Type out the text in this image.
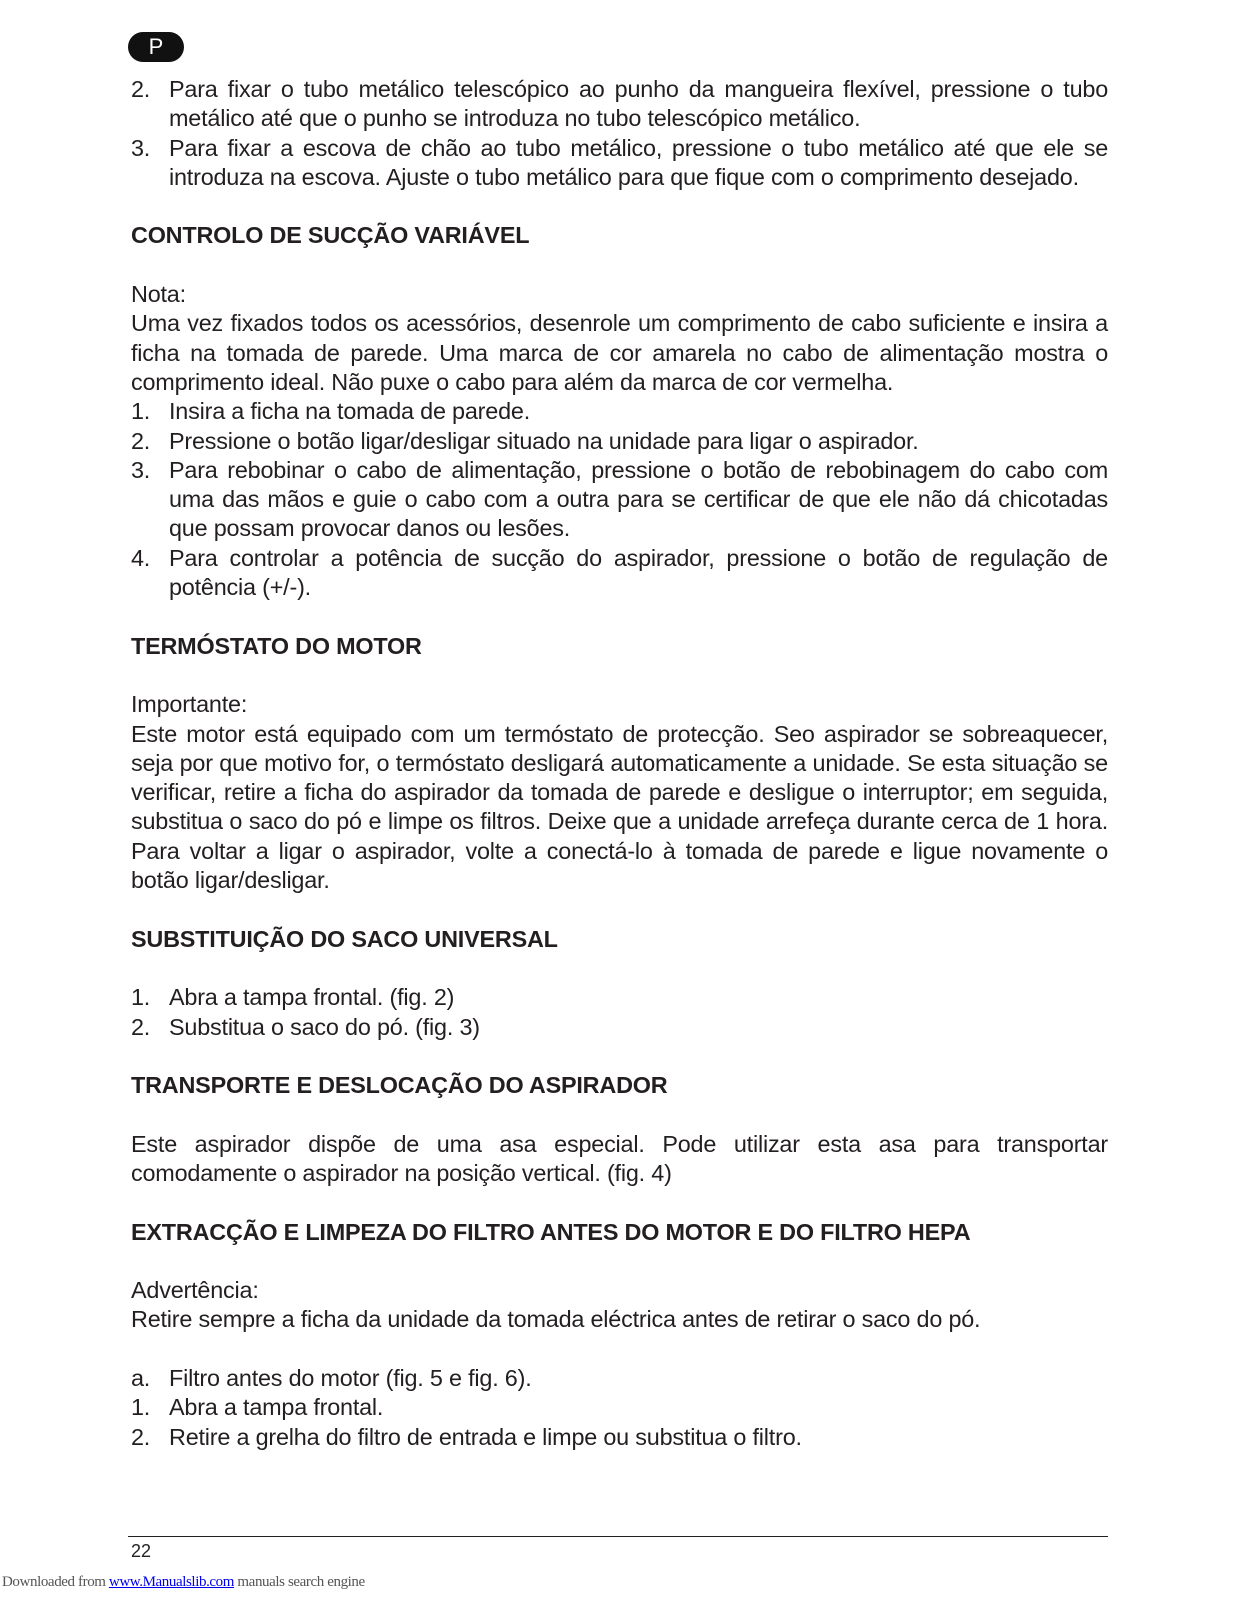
P
2. Para fixar o tubo metálico telescópico ao punho da mangueira flexível, pressione o tubo metálico até que o punho se introduza no tubo telescópico metálico.
3. Para fixar a escova de chão ao tubo metálico, pressione o tubo metálico até que ele se introduza na escova. Ajuste o tubo metálico para que fique com o comprimento desejado.
CONTROLO DE SUCÇÃO VARIÁVEL

Nota:

Uma vez fixados todos os acessórios, desenrole um comprimento de cabo suficiente e insira a ficha na tomada de parede. Uma marca de cor amarela no cabo de alimentação mostra o comprimento ideal. Não puxe o cabo para além da marca de cor vermelha.

1. Insira a ficha na tomada de parede.
2. Pressione o botão ligar/desligar situado na unidade para ligar o aspirador.
3. Para rebobinar o cabo de alimentação, pressione o botão de rebobinagem do cabo com uma das mãos e guie o cabo com a outra para se certificar de que ele não dá chicotadas que possam provocar danos ou lesões.
4. Para controlar a potência de sucção do aspirador, pressione o botão de regulação de potência (+/-).
TERMÓSTATO DO MOTOR

Importante:

Este motor está equipado com um termóstato de protecção. Seo aspirador se sobreaquecer, seja por que motivo for, o termóstato desligará automaticamente a unidade. Se esta situação se verificar, retire a ficha do aspirador da tomada de parede e desligue o interruptor; em seguida, substitua o saco do pó e limpe os filtros. Deixe que a unidade arrefeça durante cerca de 1 hora. Para voltar a ligar o aspirador, volte a conectá-lo à tomada de parede e ligue novamente o botão ligar/desligar.

SUBSTITUIÇÃO DO SACO UNIVERSAL
1. Abra a tampa frontal. (fig. 2)
2. Substitua o saco do pó. (fig. 3)
TRANSPORTE E DESLOCAÇÃO DO ASPIRADOR

Este aspirador dispõe de uma asa especial. Pode utilizar esta asa para transportar comodamente o aspirador na posição vertical. (fig. 4)

EXTRACÇÃO E LIMPEZA DO FILTRO ANTES DO MOTOR E DO FILTRO HEPA

Advertência:

Retire sempre a ficha da unidade da tomada eléctrica antes de retirar o saco do pó.

a. Filtro antes do motor (fig. 5 e fig. 6).
1. Abra a tampa frontal.
2. Retire a grelha do filtro de entrada e limpe ou substitua o filtro.
22
Downloaded from www.Manualslib.com manuals search engine
